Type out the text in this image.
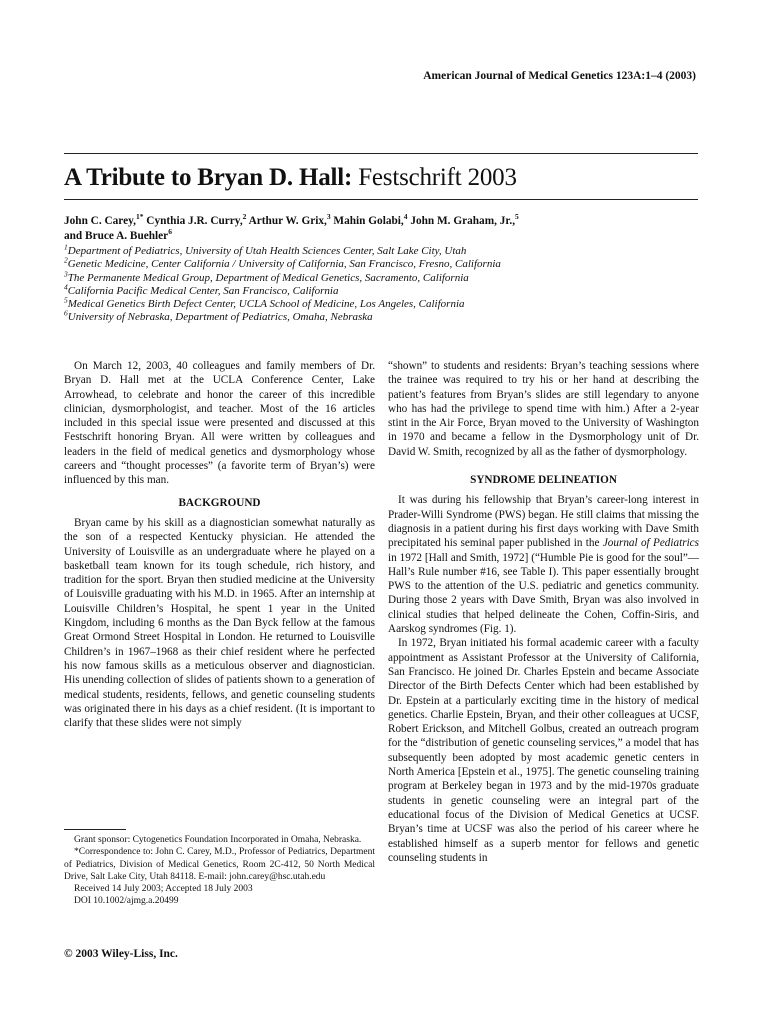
American Journal of Medical Genetics 123A:1–4 (2003)
A Tribute to Bryan D. Hall: Festschrift 2003
John C. Carey,$^{1*}$ Cynthia J.R. Curry,$^2$ Arthur W. Grix,$^3$ Mahin Golabi,$^4$ John M. Graham, Jr.,$^5$
and Bruce A. Buehler$^6$
$^1$Department of Pediatrics, University of Utah Health Sciences Center, Salt Lake City, Utah
$^2$Genetic Medicine, Center California / University of California, San Francisco, Fresno, California
$^3$The Permanente Medical Group, Department of Medical Genetics, Sacramento, California
$^4$California Pacific Medical Center, San Francisco, California
$^5$Medical Genetics Birth Defect Center, UCLA School of Medicine, Los Angeles, California
$^6$University of Nebraska, Department of Pediatrics, Omaha, Nebraska

On March 12, 2003, 40 colleagues and family members of Dr. Bryan D. Hall met at the UCLA Conference Center, Lake Arrowhead, to celebrate and honor the career of this incredible clinician, dysmorphologist, and teacher. Most of the 16 articles included in this special issue were presented and discussed at this Festschrift honoring Bryan. All were written by colleagues and leaders in the field of medical genetics and dysmorphology whose careers and “thought processes” (a favorite term of Bryan’s) were influenced by this man.

BACKGROUND

Bryan came by his skill as a diagnostician somewhat naturally as the son of a respected Kentucky physician. He attended the University of Louisville as an undergraduate where he played on a basketball team known for its tough schedule, rich history, and tradition for the sport. Bryan then studied medicine at the University of Louisville graduating with his M.D. in 1965. After an internship at Louisville Children’s Hospital, he spent 1 year in the United Kingdom, including 6 months as the Dan Byck fellow at the famous Great Ormond Street Hospital in London. He returned to Louisville Children’s in 1967–1968 as their chief resident where he perfected his now famous skills as a meticulous observer and diagnostician. His unending collection of slides of patients shown to a generation of medical students, residents, fellows, and genetic counseling students was originated there in his days as a chief resident. (It is important to clarify that these slides were not simply

“shown” to students and residents: Bryan’s teaching sessions where the trainee was required to try his or her hand at describing the patient’s features from Bryan’s slides are still legendary to anyone who has had the privilege to spend time with him.) After a 2-year stint in the Air Force, Bryan moved to the University of Washington in 1970 and became a fellow in the Dysmorphology unit of Dr. David W. Smith, recognized by all as the father of dysmorphology.

SYNDROME DELINEATION

It was during his fellowship that Bryan’s career-long interest in Prader-Willi Syndrome (PWS) began. He still claims that missing the diagnosis in a patient during his first days working with Dave Smith precipitated his seminal paper published in the Journal of Pediatrics in 1972 [Hall and Smith, 1972] (“Humble Pie is good for the soul”—Hall’s Rule number #16, see Table I). This paper essentially brought PWS to the attention of the U.S. pediatric and genetics community. During those 2 years with Dave Smith, Bryan was also involved in clinical studies that helped delineate the Cohen, Coffin-Siris, and Aarskog syndromes (Fig. 1).

In 1972, Bryan initiated his formal academic career with a faculty appointment as Assistant Professor at the University of California, San Francisco. He joined Dr. Charles Epstein and became Associate Director of the Birth Defects Center which had been established by Dr. Epstein at a particularly exciting time in the history of medical genetics. Charlie Epstein, Bryan, and their other colleagues at UCSF, Robert Erickson, and Mitchell Golbus, created an outreach program for the “distribution of genetic counseling services,” a model that has subsequently been adopted by most academic genetic centers in North America [Epstein et al., 1975]. The genetic counseling training program at Berkeley began in 1973 and by the mid-1970s graduate students in genetic counseling were an integral part of the educational focus of the Division of Medical Genetics at UCSF. Bryan’s time at UCSF was also the period of his career where he established himself as a superb mentor for fellows and genetic counseling students in

Grant sponsor: Cytogenetics Foundation Incorporated in Omaha, Nebraska.

*Correspondence to: John C. Carey, M.D., Professor of Pediatrics, Department of Pediatrics, Division of Medical Genetics, Room 2C-412, 50 North Medical Drive, Salt Lake City, Utah 84118. E-mail: john.carey@hsc.utah.edu

Received 14 July 2003; Accepted 18 July 2003

DOI 10.1002/ajmg.a.20499

© 2003 Wiley-Liss, Inc.
